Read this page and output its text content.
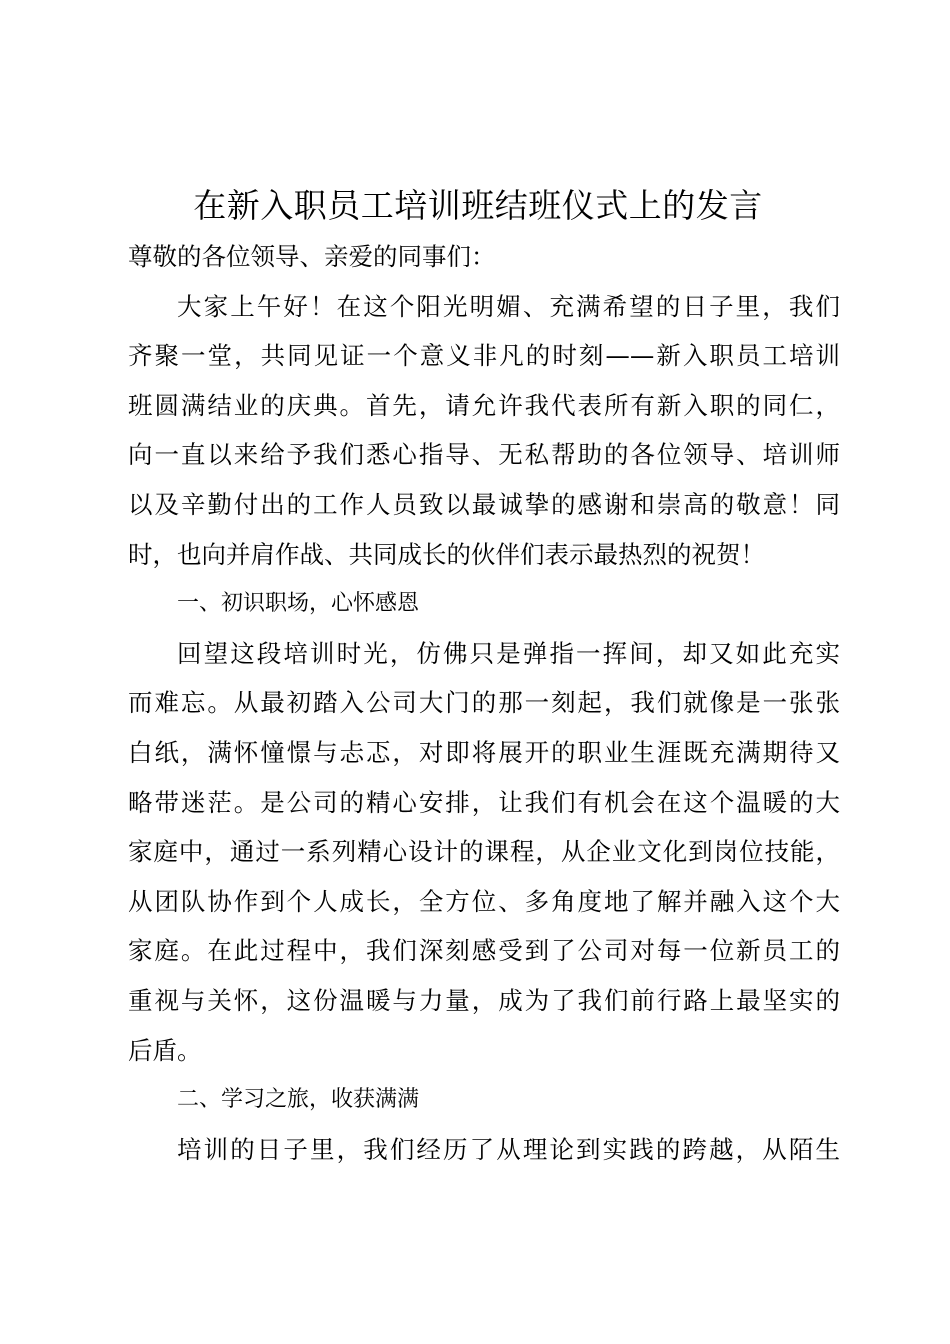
在新入职员工培训班结班仪式上的发言
尊敬的各位领导、亲爱的同事们：
大家上午好！在这个阳光明媚、充满希望的日子里，我们
齐聚一堂，共同见证一个意义非凡的时刻——新入职员工培训
班圆满结业的庆典。首先，请允许我代表所有新入职的同仁，
向一直以来给予我们悉心指导、无私帮助的各位领导、培训师
以及辛勤付出的工作人员致以最诚挚的感谢和崇高的敬意！同
时，也向并肩作战、共同成长的伙伴们表示最热烈的祝贺！
一、初识职场，心怀感恩
回望这段培训时光，仿佛只是弹指一挥间，却又如此充实
而难忘。从最初踏入公司大门的那一刻起，我们就像是一张张
白纸，满怀憧憬与忐忑，对即将展开的职业生涯既充满期待又
略带迷茫。是公司的精心安排，让我们有机会在这个温暖的大
家庭中，通过一系列精心设计的课程，从企业文化到岗位技能，
从团队协作到个人成长，全方位、多角度地了解并融入这个大
家庭。在此过程中，我们深刻感受到了公司对每一位新员工的
重视与关怀，这份温暖与力量，成为了我们前行路上最坚实的
后盾。
二、学习之旅，收获满满
培训的日子里，我们经历了从理论到实践的跨越，从陌生
